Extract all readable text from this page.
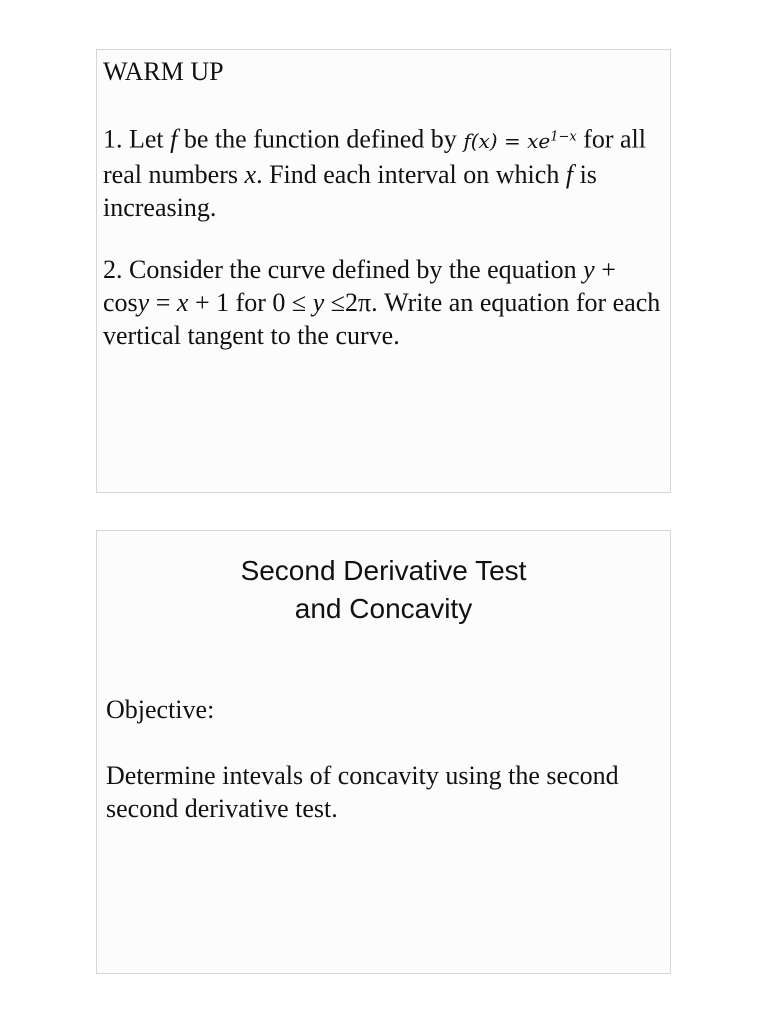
WARM UP

1. Let f be the function defined by $f(x) = xe^{1-x}$ for all real numbers x. Find each interval on which f is increasing.

2. Consider the curve defined by the equation y + cosy = x + 1 for 0 ≤ y ≤2π. Write an equation for each vertical tangent to the curve.

Second Derivative Test
and Concavity
Objective:

Determine intevals of concavity using the second second derivative test.
